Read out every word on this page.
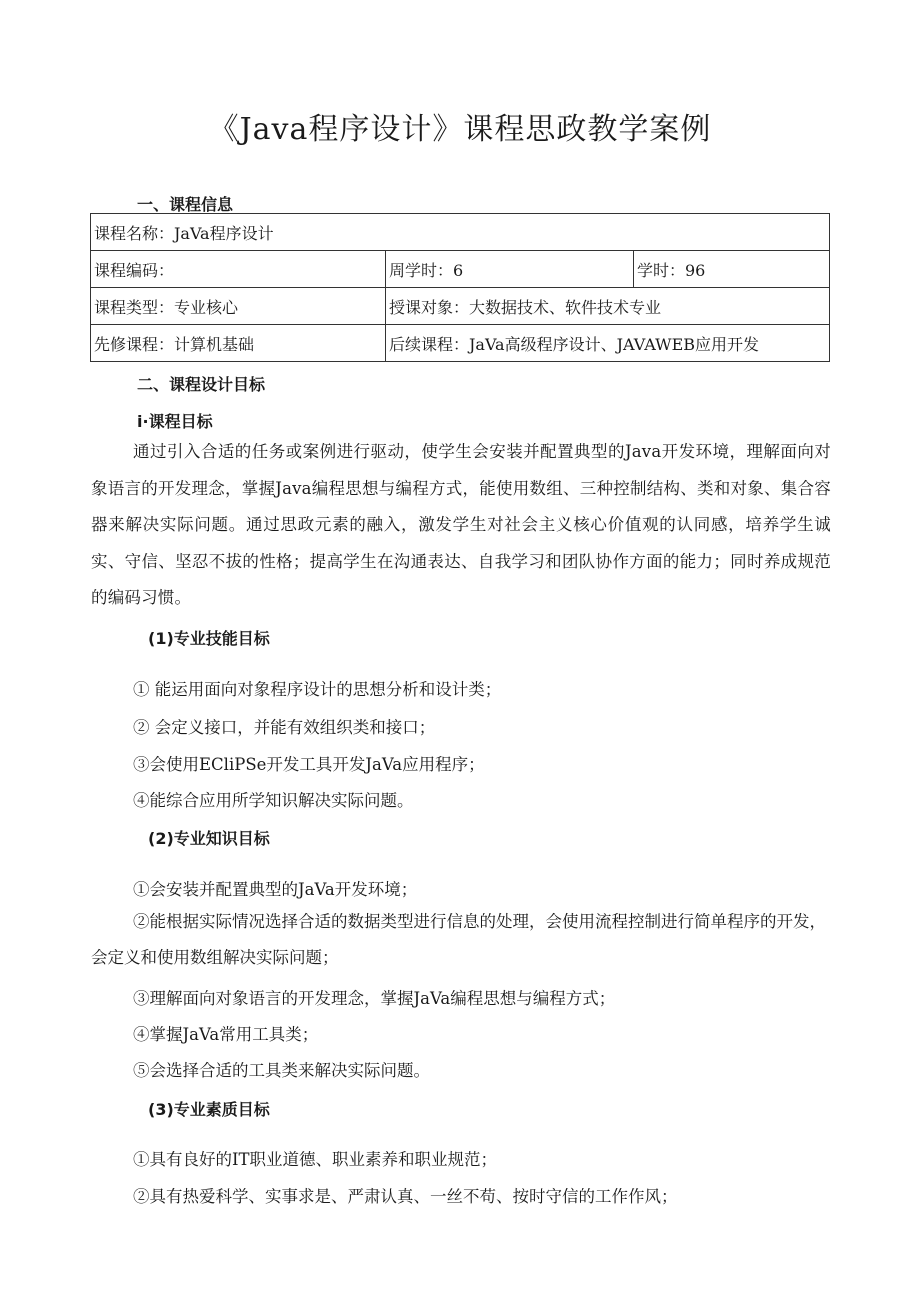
《Java程序设计》课程思政教学案例
一、课程信息
课程名称：JaVa程序设计		
课程编码：	周学时：6	学时：96
课程类型：专业核心	授课对象：大数据技术、软件技术专业	
先修课程：计算机基础	后续课程：JaVa高级程序设计、JAVAWEB应用开发	
二、课程设计目标
i·课程目标
通过引入合适的任务或案例进行驱动，使学生会安装并配置典型的Java开发环境，理解面向对象语言的开发理念，掌握Java编程思想与编程方式，能使用数组、三种控制结构、类和对象、集合容器来解决实际问题。通过思政元素的融入，激发学生对社会主义核心价值观的认同感，培养学生诚实、守信、坚忍不拔的性格；提高学生在沟通表达、自我学习和团队协作方面的能力；同时养成规范的编码习惯。
(1)专业技能目标
① 能运用面向对象程序设计的思想分析和设计类；
② 会定义接口，并能有效组织类和接口；
③会使用ECliPSe开发工具开发JaVa应用程序；
④能综合应用所学知识解决实际问题。
(2)专业知识目标
①会安装并配置典型的JaVa开发环境；
②能根据实际情况选择合适的数据类型进行信息的处理，会使用流程控制进行简单程序的开发，
会定义和使用数组解决实际问题；
③理解面向对象语言的开发理念，掌握JaVa编程思想与编程方式；
④掌握JaVa常用工具类；
⑤会选择合适的工具类来解决实际问题。
(3)专业素质目标
①具有良好的IT职业道德、职业素养和职业规范；
②具有热爱科学、实事求是、严肃认真、一丝不苟、按时守信的工作作风；
